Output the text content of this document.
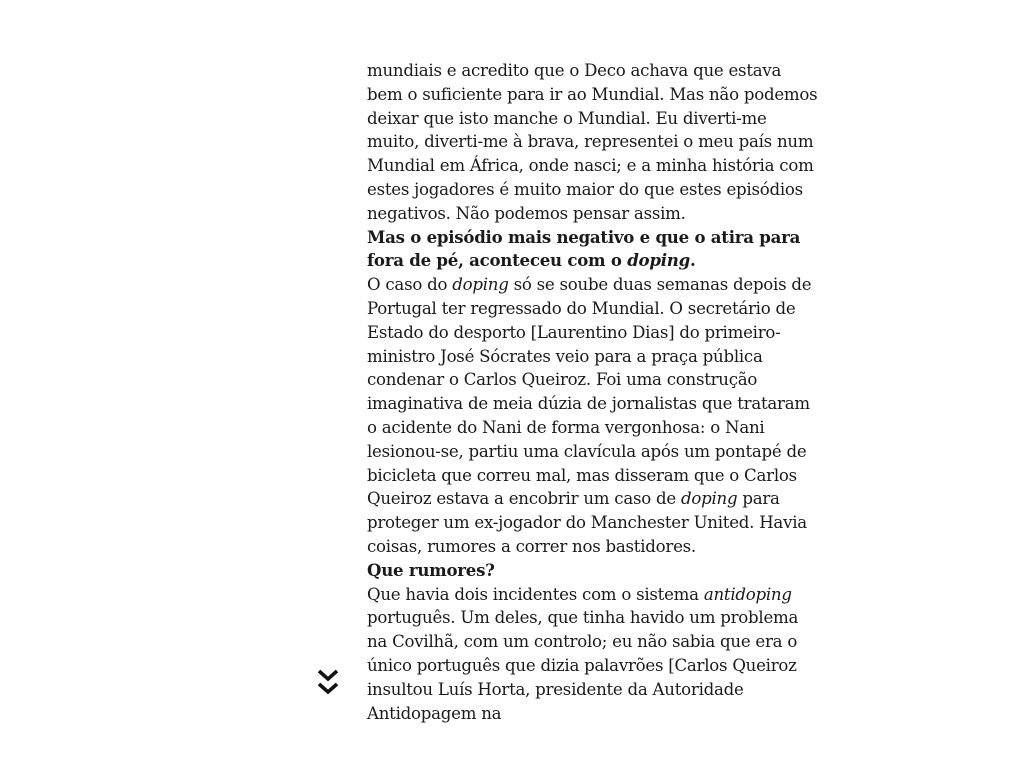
mundiais e acredito que o Deco achava que estava bem o suficiente para ir ao Mundial. Mas não podemos deixar que isto manche o Mundial. Eu diverti-me muito, diverti-me à brava, representei o meu país num Mundial em África, onde nasci; e a minha história com estes jogadores é muito maior do que estes episódios negativos. Não podemos pensar assim.

Mas o episódio mais negativo e que o atira para fora de pé, aconteceu com o doping.

O caso do doping só se soube duas semanas depois de Portugal ter regressado do Mundial. O secretário de Estado do desporto [Laurentino Dias] do primeiro-ministro José Sócrates veio para a praça pública condenar o Carlos Queiroz. Foi uma construção imaginativa de meia dúzia de jornalistas que trataram o acidente do Nani de forma vergonhosa: o Nani lesionou-se, partiu uma clavícula após um pontapé de bicicleta que correu mal, mas disseram que o Carlos Queiroz estava a encobrir um caso de doping para proteger um ex-jogador do Manchester United. Havia coisas, rumores a correr nos bastidores.

Que rumores?

Que havia dois incidentes com o sistema antidoping português. Um deles, que tinha havido um problema na Covilhã, com um controlo; eu não sabia que era o único português que dizia palavrões [Carlos Queiroz insultou Luís Horta, presidente da Autoridade Antidopagem na
